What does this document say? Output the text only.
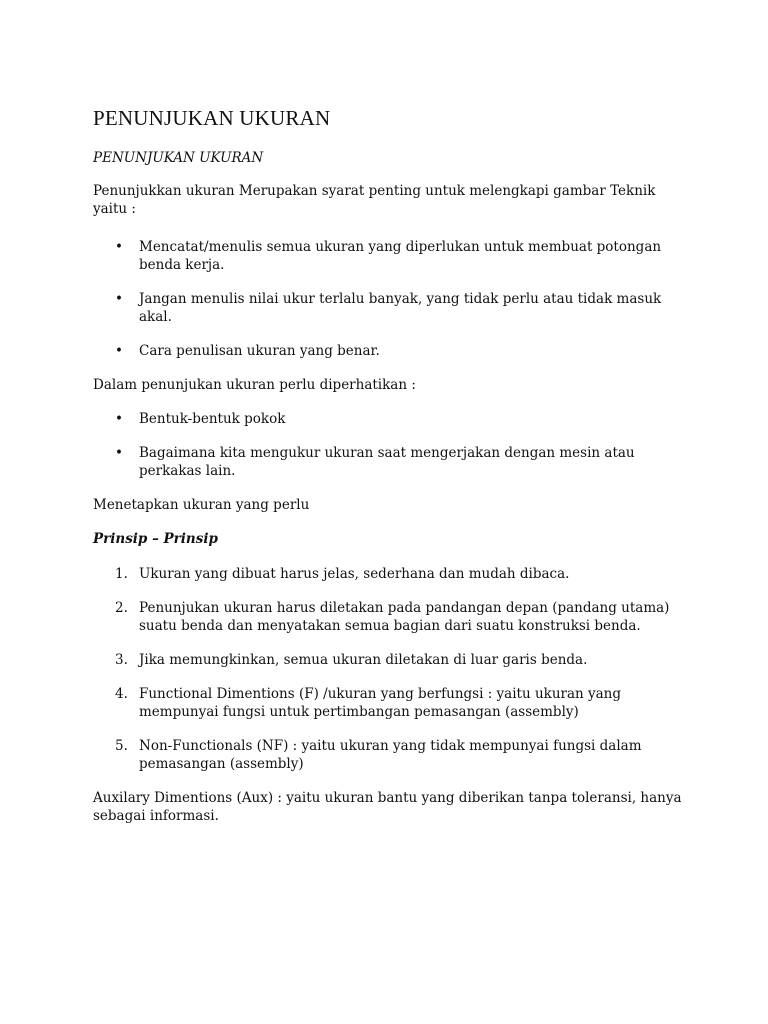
PENUNJUKAN UKURAN

PENUNJUKAN UKURAN

Penunjukkan ukuran Merupakan syarat penting untuk melengkapi gambar Teknik yaitu :

• Mencatat/menulis semua ukuran yang diperlukan untuk membuat potongan benda kerja.
• Jangan menulis nilai ukur terlalu banyak, yang tidak perlu atau tidak masuk akal.
• Cara penulisan ukuran yang benar.

Dalam penunjukan ukuran perlu diperhatikan :

• Bentuk-bentuk pokok
• Bagaimana kita mengukur ukuran saat mengerjakan dengan mesin atau perkakas lain.

Menetapkan ukuran yang perlu

Prinsip – Prinsip

1. Ukuran yang dibuat harus jelas, sederhana dan mudah dibaca.
2. Penunjukan ukuran harus diletakan pada pandangan depan (pandang utama) suatu benda dan menyatakan semua bagian dari suatu konstruksi benda.
3. Jika memungkinkan, semua ukuran diletakan di luar garis benda.
4. Functional Dimentions (F) /ukuran yang berfungsi : yaitu ukuran yang mempunyai fungsi untuk pertimbangan pemasangan (assembly)
5. Non-Functionals (NF) : yaitu ukuran yang tidak mempunyai fungsi dalam pemasangan (assembly)

Auxilary Dimentions (Aux) : yaitu ukuran bantu yang diberikan tanpa toleransi, hanya sebagai informasi.
